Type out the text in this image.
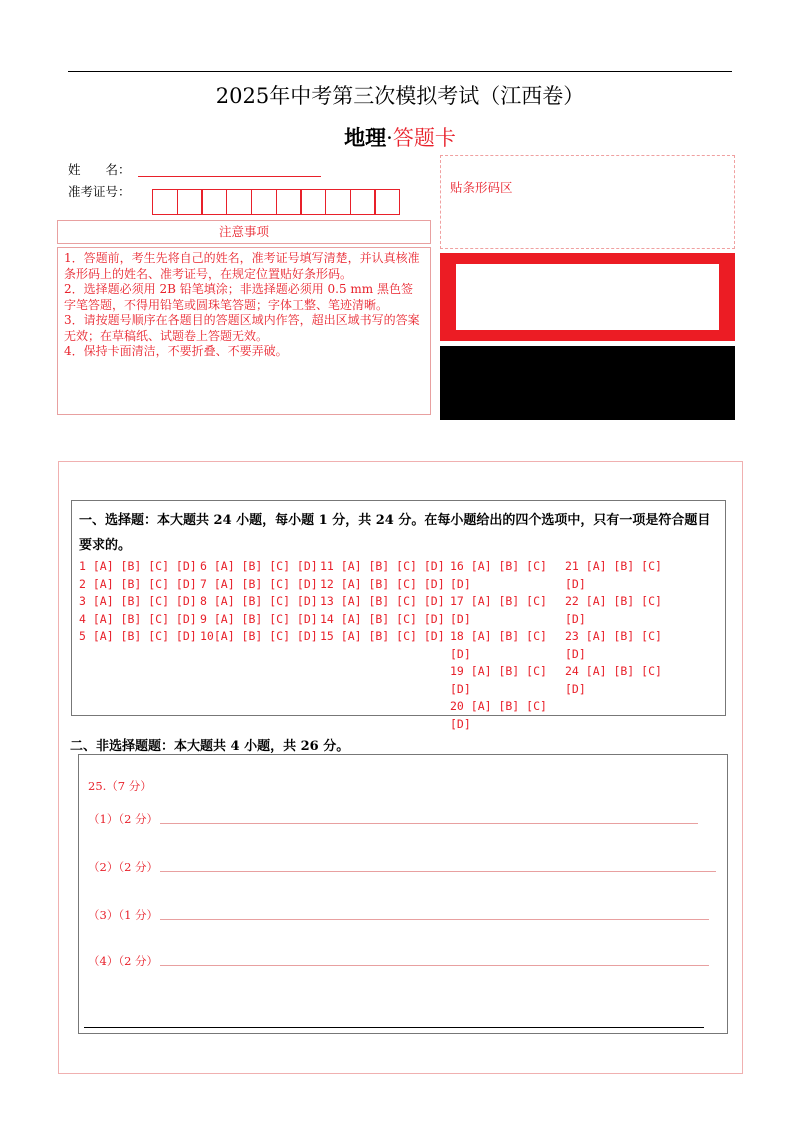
2025年中考第三次模拟考试（江西卷）
地理·答题卡
姓　　名：
准考证号：
注意事项

1．答题前，考生先将自己的姓名，准考证号填写清楚，并认真核准条形码上的姓名、准考证号，在规定位置贴好条形码。

2．选择题必须用 2B 铅笔填涂；非选择题必须用 0.5 mm 黑色签字笔答题，不得用铅笔或圆珠笔答题；字体工整、笔迹清晰。

3．请按题号顺序在各题目的答题区域内作答，超出区域书写的答案无效；在草稿纸、试题卷上答题无效。

4．保持卡面清洁，不要折叠、不要弄破。

贴条形码区
一、选择题：本大题共 24 小题，每小题 1 分，共 24 分。在每小题给出的四个选项中，只有一项是符合题目要求的。
1 [A] [B] [C] [D]
2 [A] [B] [C] [D]
3 [A] [B] [C] [D]
4 [A] [B] [C] [D]
5 [A] [B] [C] [D]
6 [A] [B] [C] [D]
7 [A] [B] [C] [D]
8 [A] [B] [C] [D]
9 [A] [B] [C] [D]
10[A] [B] [C] [D]
11 [A] [B] [C] [D]
12 [A] [B] [C] [D]
13 [A] [B] [C] [D]
14 [A] [B] [C] [D]
15 [A] [B] [C] [D]
16 [A] [B] [C]
[D]
17 [A] [B] [C]
[D]
18 [A] [B] [C]
[D]
19 [A] [B] [C]
[D]
20 [A] [B] [C]
[D]
21 [A] [B] [C]
[D]
22 [A] [B] [C]
[D]
23 [A] [B] [C]
[D]
24 [A] [B] [C]
[D]
二、非选择题题：本大题共 4 小题，共 26 分。
25.（7 分）
（1）（2 分）
（2）（2 分）
（3）（1 分）
（4）（2 分）
